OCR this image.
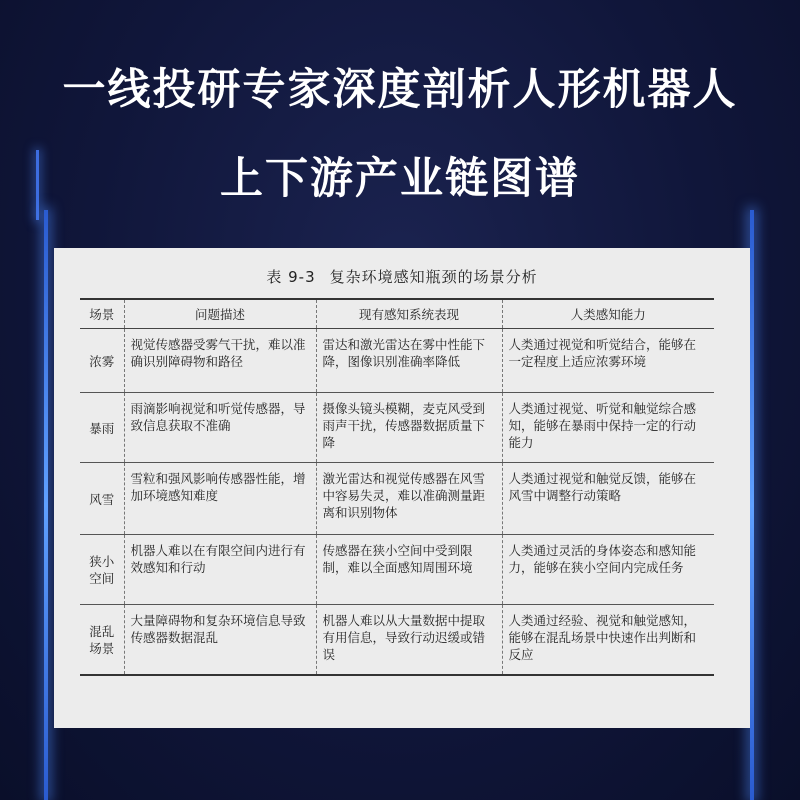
一线投研专家深度剖析人形机器人
上下游产业链图谱
表 9-3 复杂环境感知瓶颈的场景分析
场景	问题描述	现有感知系统表现	人类感知能力
浓雾	视觉传感器受雾气干扰，难以准确识别障碍物和路径	雷达和激光雷达在雾中性能下降，图像识别准确率降低	人类通过视觉和听觉结合，能够在一定程度上适应浓雾环境
暴雨	雨滴影响视觉和听觉传感器，导致信息获取不准确	摄像头镜头模糊，麦克风受到雨声干扰，传感器数据质量下降	人类通过视觉、听觉和触觉综合感知，能够在暴雨中保持一定的行动能力
风雪	雪粒和强风影响传感器性能，增加环境感知难度	激光雷达和视觉传感器在风雪中容易失灵，难以准确测量距离和识别物体	人类通过视觉和触觉反馈，能够在风雪中调整行动策略
狭小空间	机器人难以在有限空间内进行有效感知和行动	传感器在狭小空间中受到限制，难以全面感知周围环境	人类通过灵活的身体姿态和感知能力，能够在狭小空间内完成任务
混乱场景	大量障碍物和复杂环境信息导致传感器数据混乱	机器人难以从大量数据中提取有用信息，导致行动迟缓或错误	人类通过经验、视觉和触觉感知，能够在混乱场景中快速作出判断和反应
